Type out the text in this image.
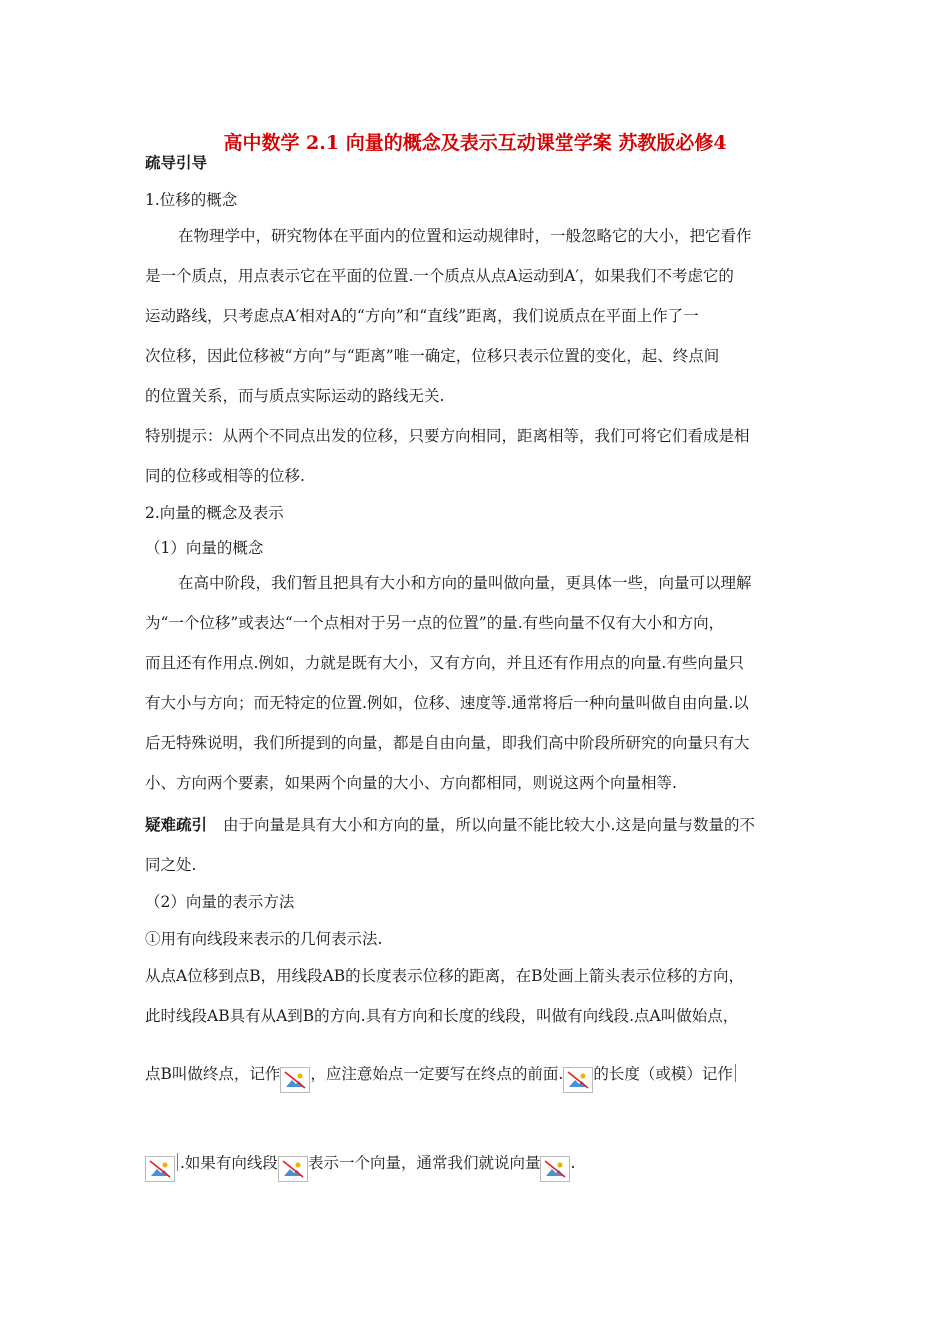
高中数学 2.1 向量的概念及表示互动课堂学案 苏教版必修4
疏导引导
1.位移的概念
在物理学中，研究物体在平面内的位置和运动规律时，一般忽略它的大小，把它看作
是一个质点，用点表示它在平面的位置.一个质点从点A运动到A′，如果我们不考虑它的
运动路线，只考虑点A′相对A的“方向”和“直线”距离，我们说质点在平面上作了一
次位移，因此位移被“方向”与“距离”唯一确定，位移只表示位置的变化，起、终点间
的位置关系，而与质点实际运动的路线无关.
特别提示：从两个不同点出发的位移，只要方向相同，距离相等，我们可将它们看成是相
同的位移或相等的位移.
2.向量的概念及表示
（1）向量的概念
在高中阶段，我们暂且把具有大小和方向的量叫做向量，更具体一些，向量可以理解
为“一个位移”或表达“一个点相对于另一点的位置”的量.有些向量不仅有大小和方向，
而且还有作用点.例如，力就是既有大小，又有方向，并且还有作用点的向量.有些向量只
有大小与方向；而无特定的位置.例如，位移、速度等.通常将后一种向量叫做自由向量.以
后无特殊说明，我们所提到的向量，都是自由向量，即我们高中阶段所研究的向量只有大
小、方向两个要素，如果两个向量的大小、方向都相同，则说这两个向量相等.
疑难疏引 由于向量是具有大小和方向的量，所以向量不能比较大小.这是向量与数量的不
同之处.
（2）向量的表示方法
①用有向线段来表示的几何表示法.
从点A位移到点B，用线段AB的长度表示位移的距离，在B处画上箭头表示位移的方向，
此时线段AB具有从A到B的方向.具有方向和长度的线段，叫做有向线段.点A叫做始点，
点B叫做终点，记作 ，应注意始点一定要写在终点的前面. 的长度（或模）记作
.如果有向线段 表示一个向量，通常我们就说向量 .
